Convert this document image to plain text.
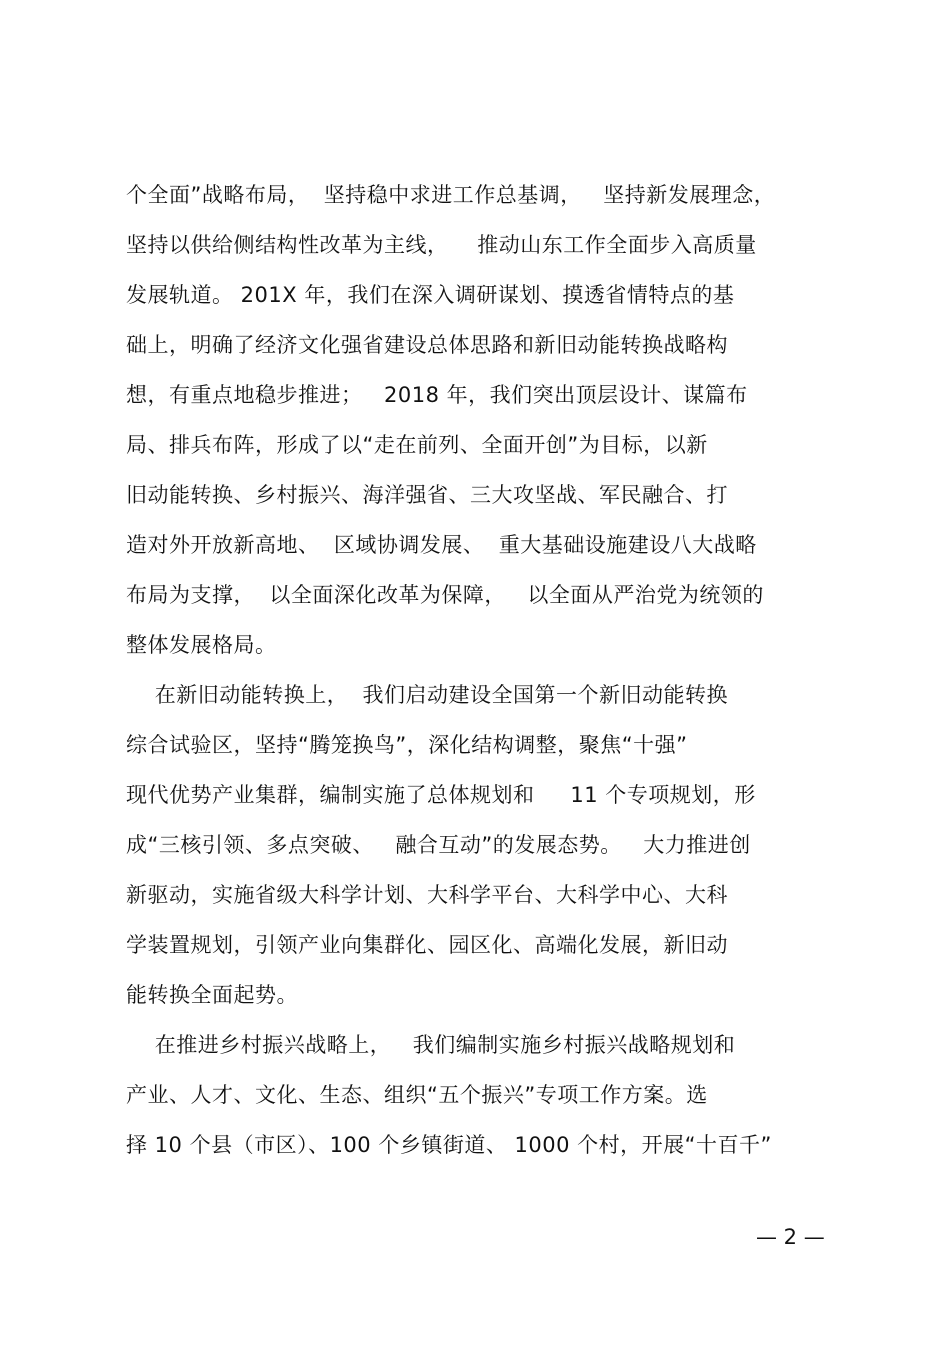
个全面”战略布局，  坚持稳中求进工作总基调，   坚持新发展理念，
坚持以供给侧结构性改革为主线，    推动山东工作全面步入高质量
发展轨道。 201X 年，我们在深入调研谋划、摸透省情特点的基
础上，明确了经济文化强省建设总体思路和新旧动能转换战略构
想，有重点地稳步推进；   2018 年，我们突出顶层设计、谋篇布
局、排兵布阵，形成了以“走在前列、全面开创”为目标，以新
旧动能转换、乡村振兴、海洋强省、三大攻坚战、军民融合、打
造对外开放新高地、  区域协调发展、  重大基础设施建设八大战略
布局为支撑，  以全面深化改革为保障，   以全面从严治党为统领的
整体发展格局。
在新旧动能转换上，  我们启动建设全国第一个新旧动能转换
综合试验区，坚持“腾笼换鸟”，深化结构调整，聚焦“十强”
现代优势产业集群，编制实施了总体规划和     11 个专项规划，形
成“三核引领、多点突破、   融合互动”的发展态势。   大力推进创
新驱动，实施省级大科学计划、大科学平台、大科学中心、大科
学装置规划，引领产业向集群化、园区化、高端化发展，新旧动
能转换全面起势。
在推进乡村振兴战略上，   我们编制实施乡村振兴战略规划和
产业、人才、文化、生态、组织“五个振兴”专项工作方案。选
择 10 个县（市区）、100 个乡镇街道、 1000 个村，开展“十百千”
— 2 —
